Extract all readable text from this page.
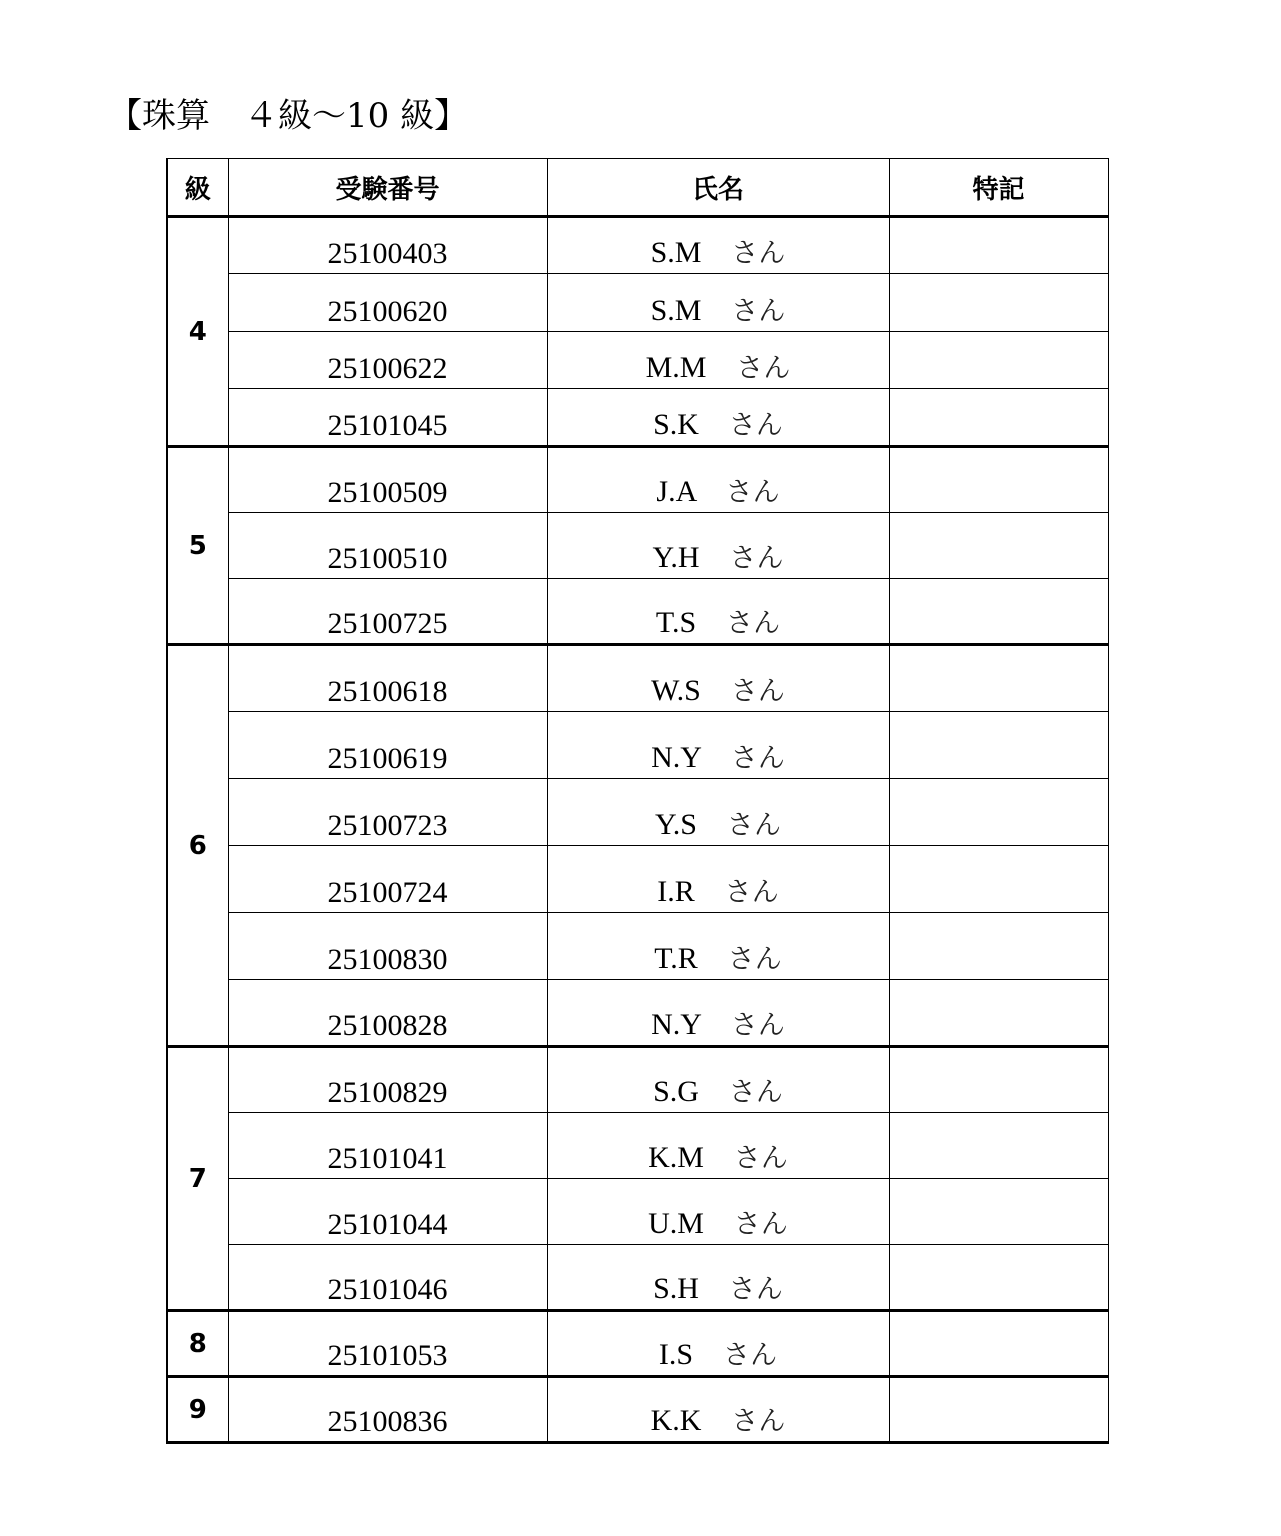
【珠算　４級～10 級】
級	受験番号	氏名	特記
4	25100403	S.M　 さん	
	25100620	S.M　 さん	
	25100622	M.M　 さん	
	25101045	S.K　 さん	
5	25100509	J.A　 さん	
	25100510	Y.H　 さん	
	25100725	T.S　 さん	
6	25100618	W.S　 さん	
	25100619	N.Y　 さん	
	25100723	Y.S　 さん	
	25100724	I.R　 さん	
	25100830	T.R　 さん	
	25100828	N.Y　 さん	
7	25100829	S.G　 さん	
	25101041	K.M　 さん	
	25101044	U.M　 さん	
	25101046	S.H　 さん	
8	25101053	I.S　 さん	
9	25100836	K.K　 さん	
